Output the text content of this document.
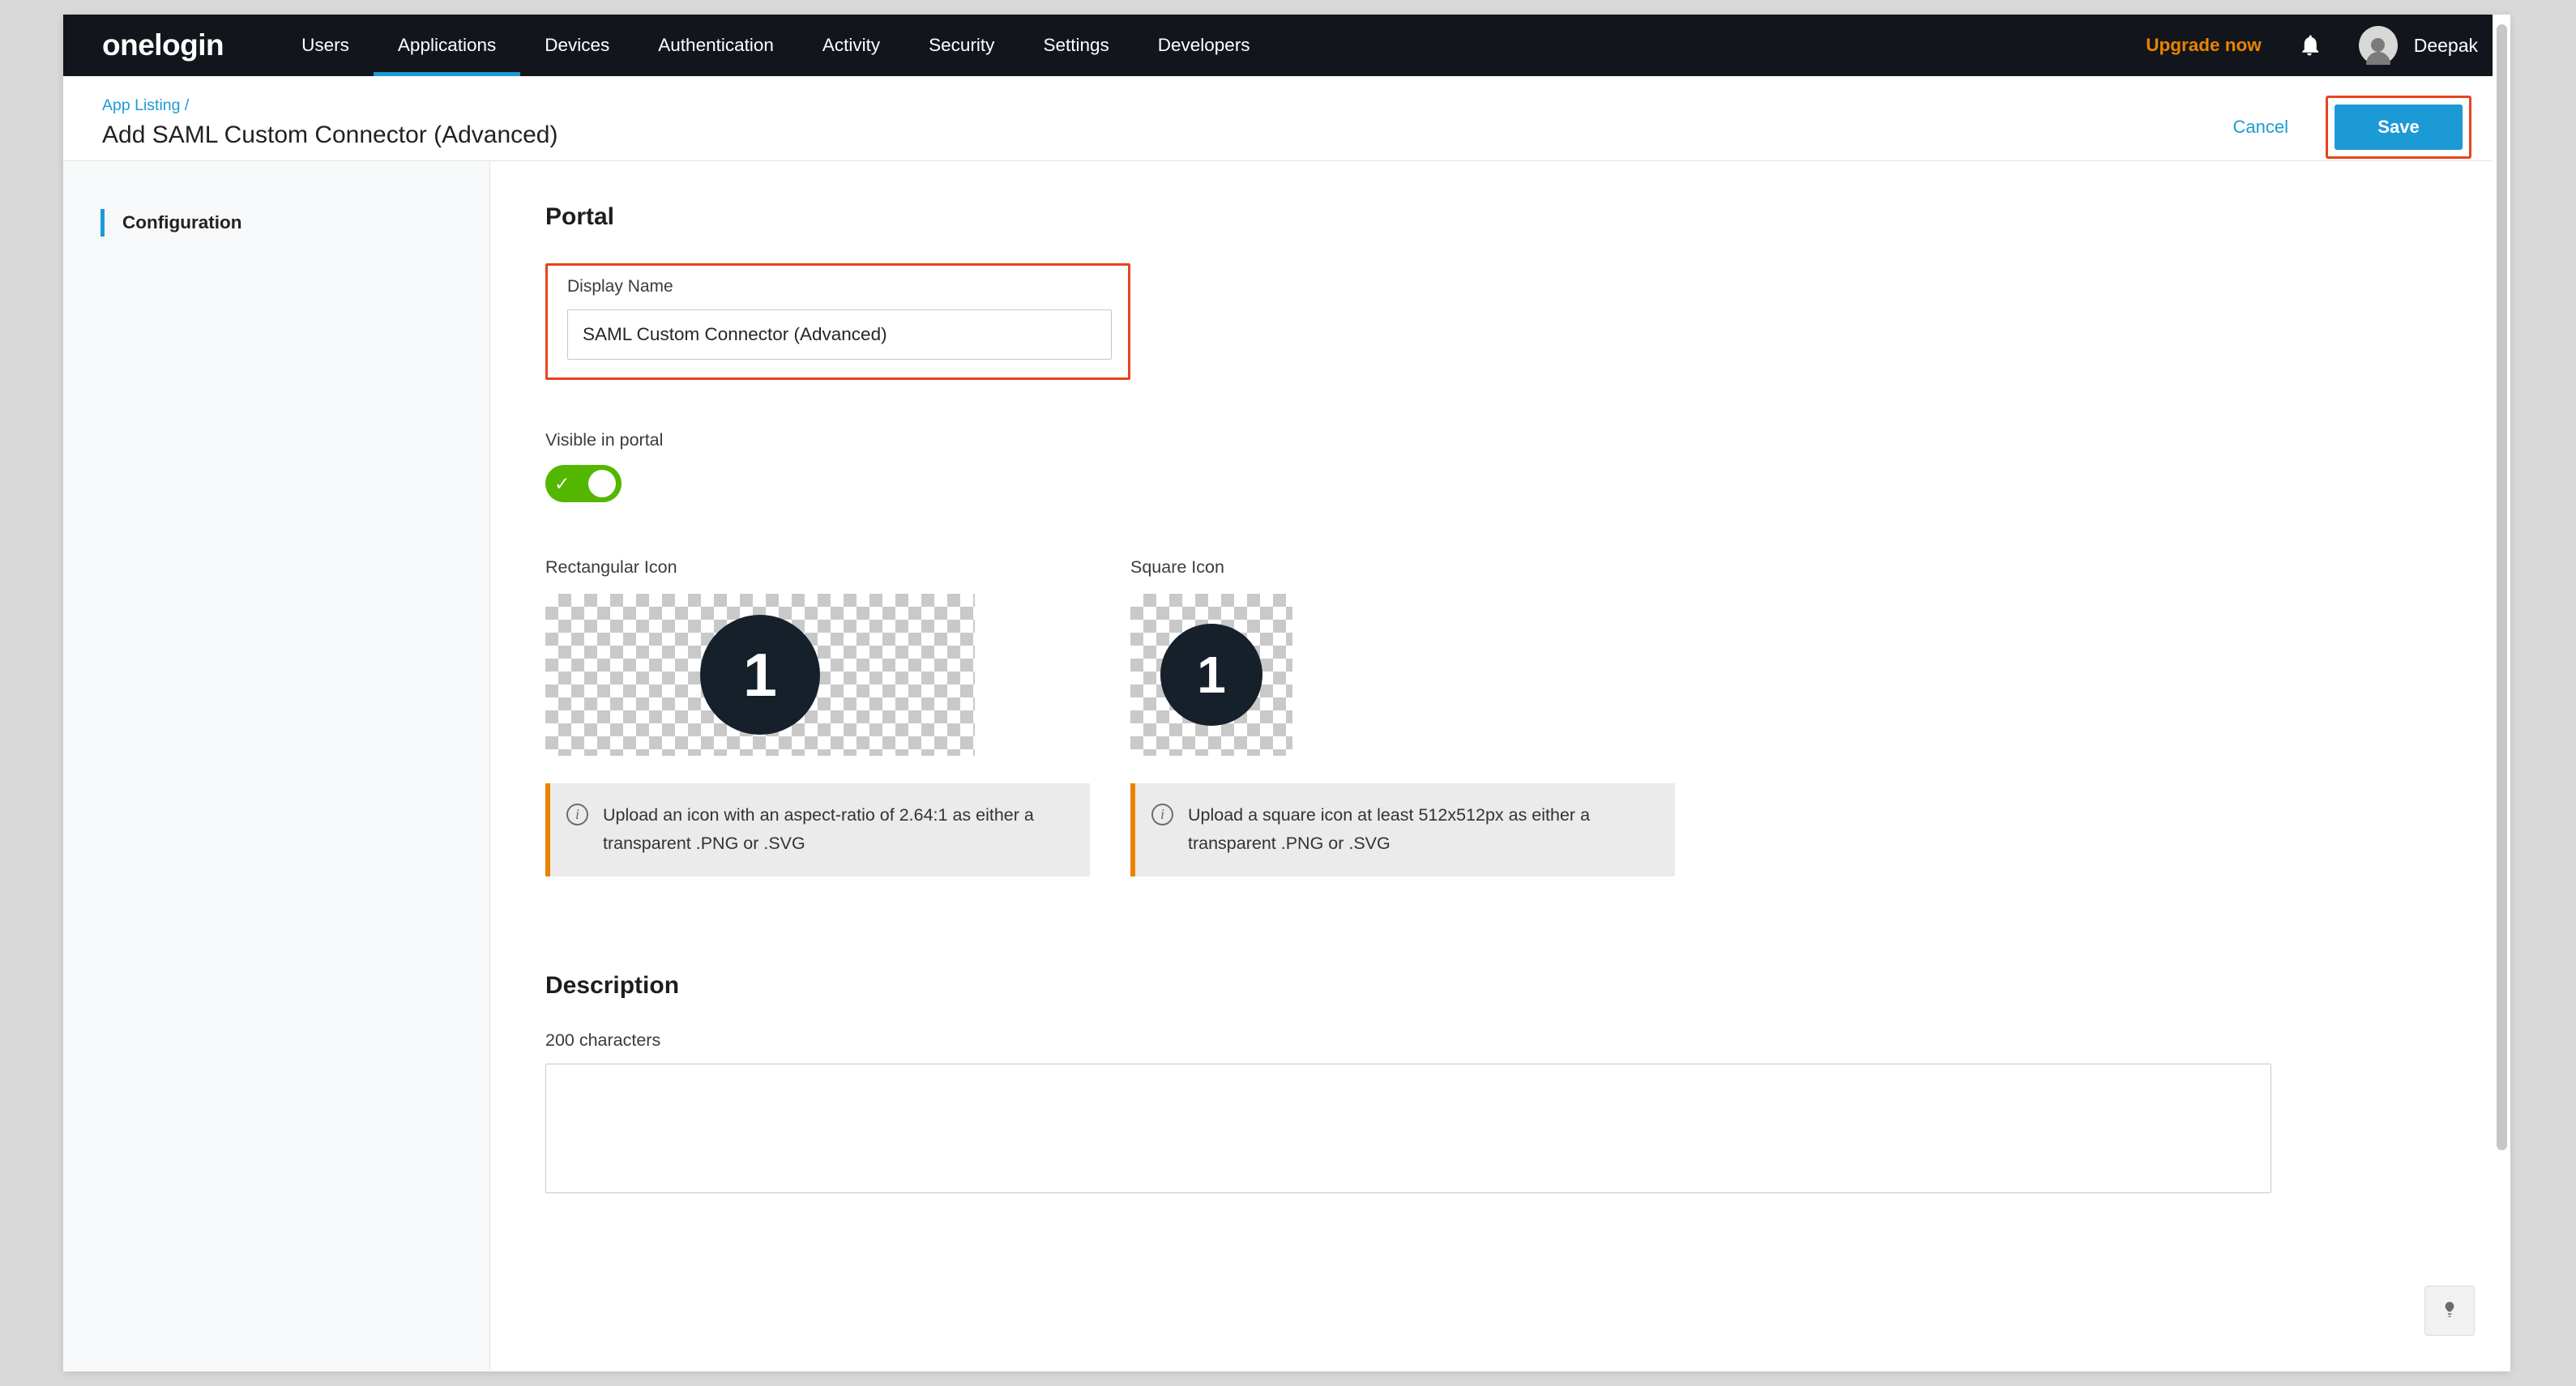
onelogin	Users	Applications	Devices	Authentication	Activity	Security	Settings	Developers	Upgrade now	Deepak
App Listing /
Add SAML Custom Connector (Advanced)	Cancel	Save
Configuration	Portal
Display Name
SAML Custom Connector (Advanced)
Visible in portal
✓
Rectangular Icon
1
i	Upload an icon with an aspect-ratio of 2.64:1 as either a transparent .PNG or .SVG
Square Icon
1
i	Upload a square icon at least 512x512px as either a transparent .PNG or .SVG
Description
200 characters
